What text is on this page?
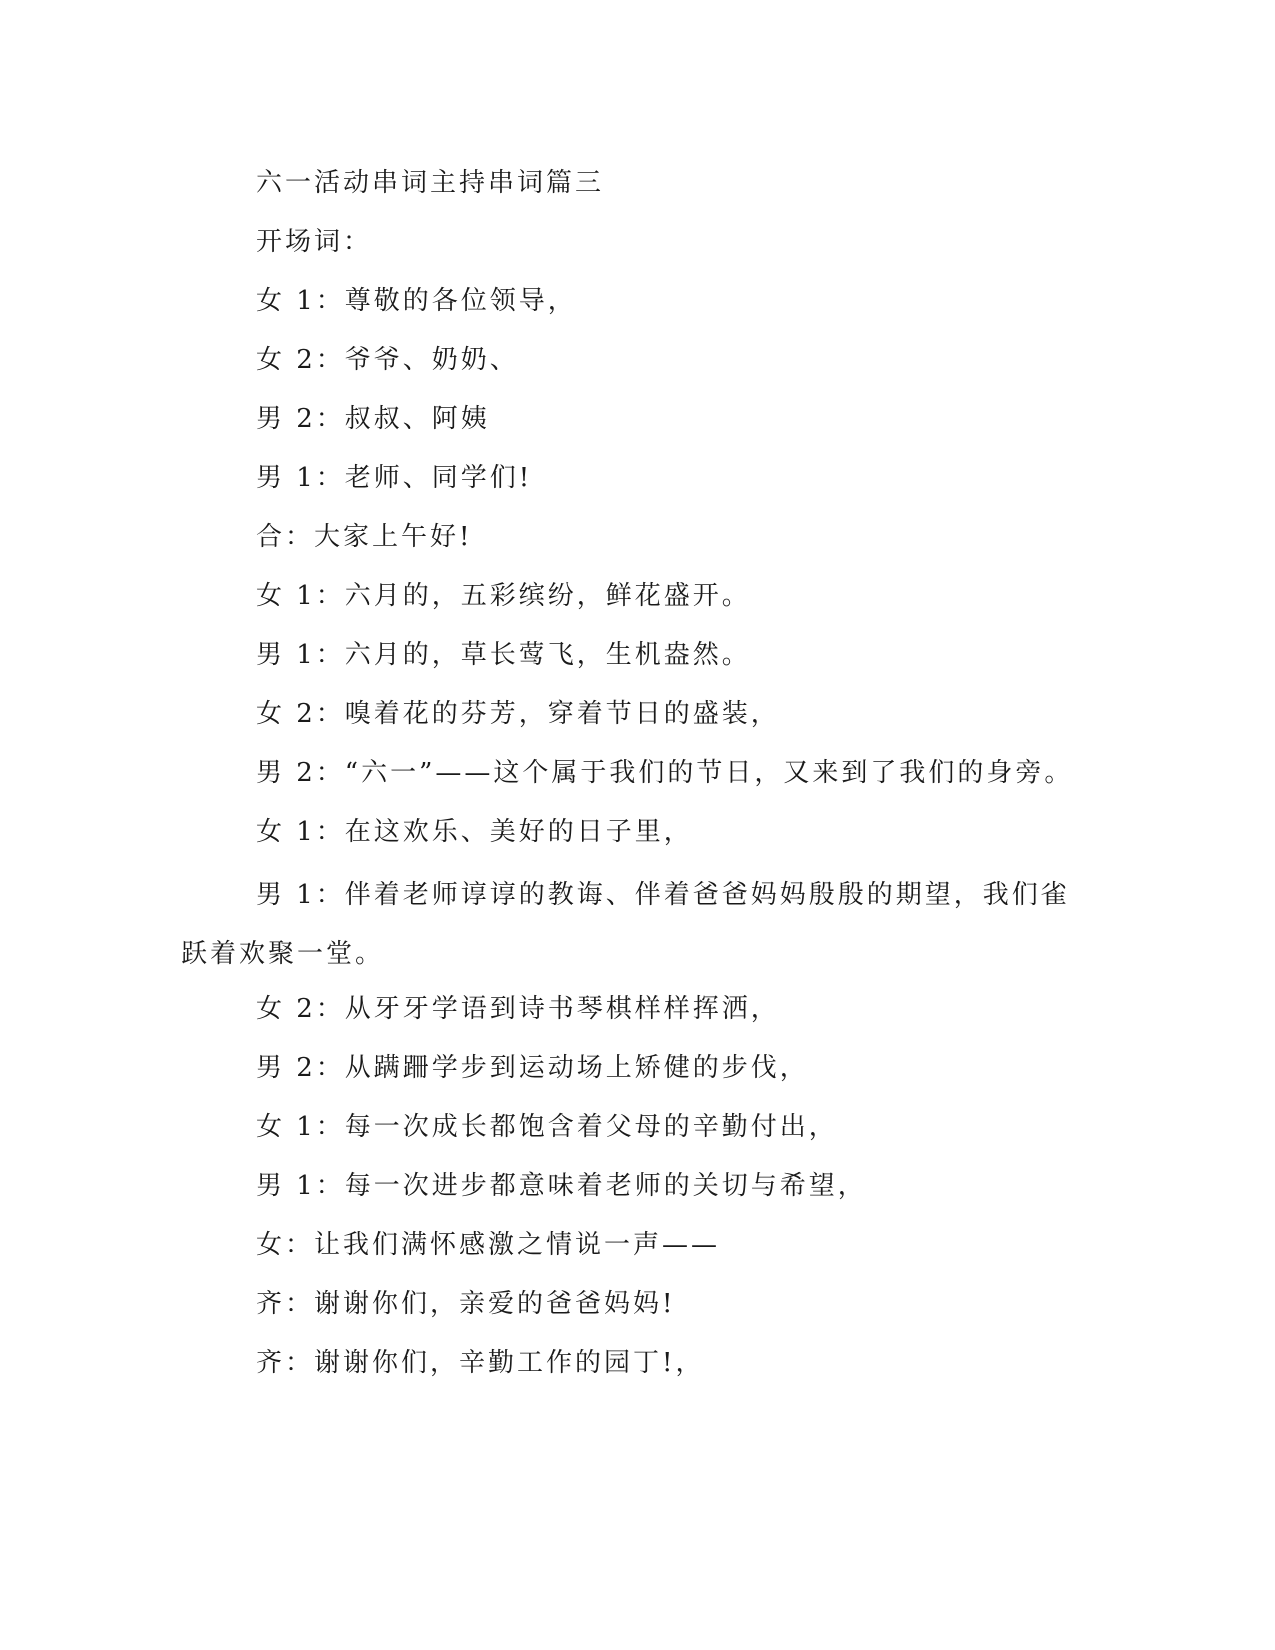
六一活动串词主持串词篇三
开场词：
女 1：尊敬的各位领导，
女 2：爷爷、奶奶、
男 2：叔叔、阿姨
男 1：老师、同学们!
合：大家上午好!
女 1：六月的，五彩缤纷，鲜花盛开。
男 1：六月的，草长莺飞，生机盎然。
女 2：嗅着花的芬芳，穿着节日的盛装，
男 2：“六一”——这个属于我们的节日，又来到了我们的身旁。
女 1：在这欢乐、美好的日子里，
男 1：伴着老师谆谆的教诲、伴着爸爸妈妈殷殷的期望，我们雀
跃着欢聚一堂。
女 2：从牙牙学语到诗书琴棋样样挥洒，
男 2：从蹒跚学步到运动场上矫健的步伐，
女 1：每一次成长都饱含着父母的辛勤付出，
男 1：每一次进步都意味着老师的关切与希望，
女：让我们满怀感激之情说一声——
齐：谢谢你们，亲爱的爸爸妈妈!
齐：谢谢你们，辛勤工作的园丁!，
